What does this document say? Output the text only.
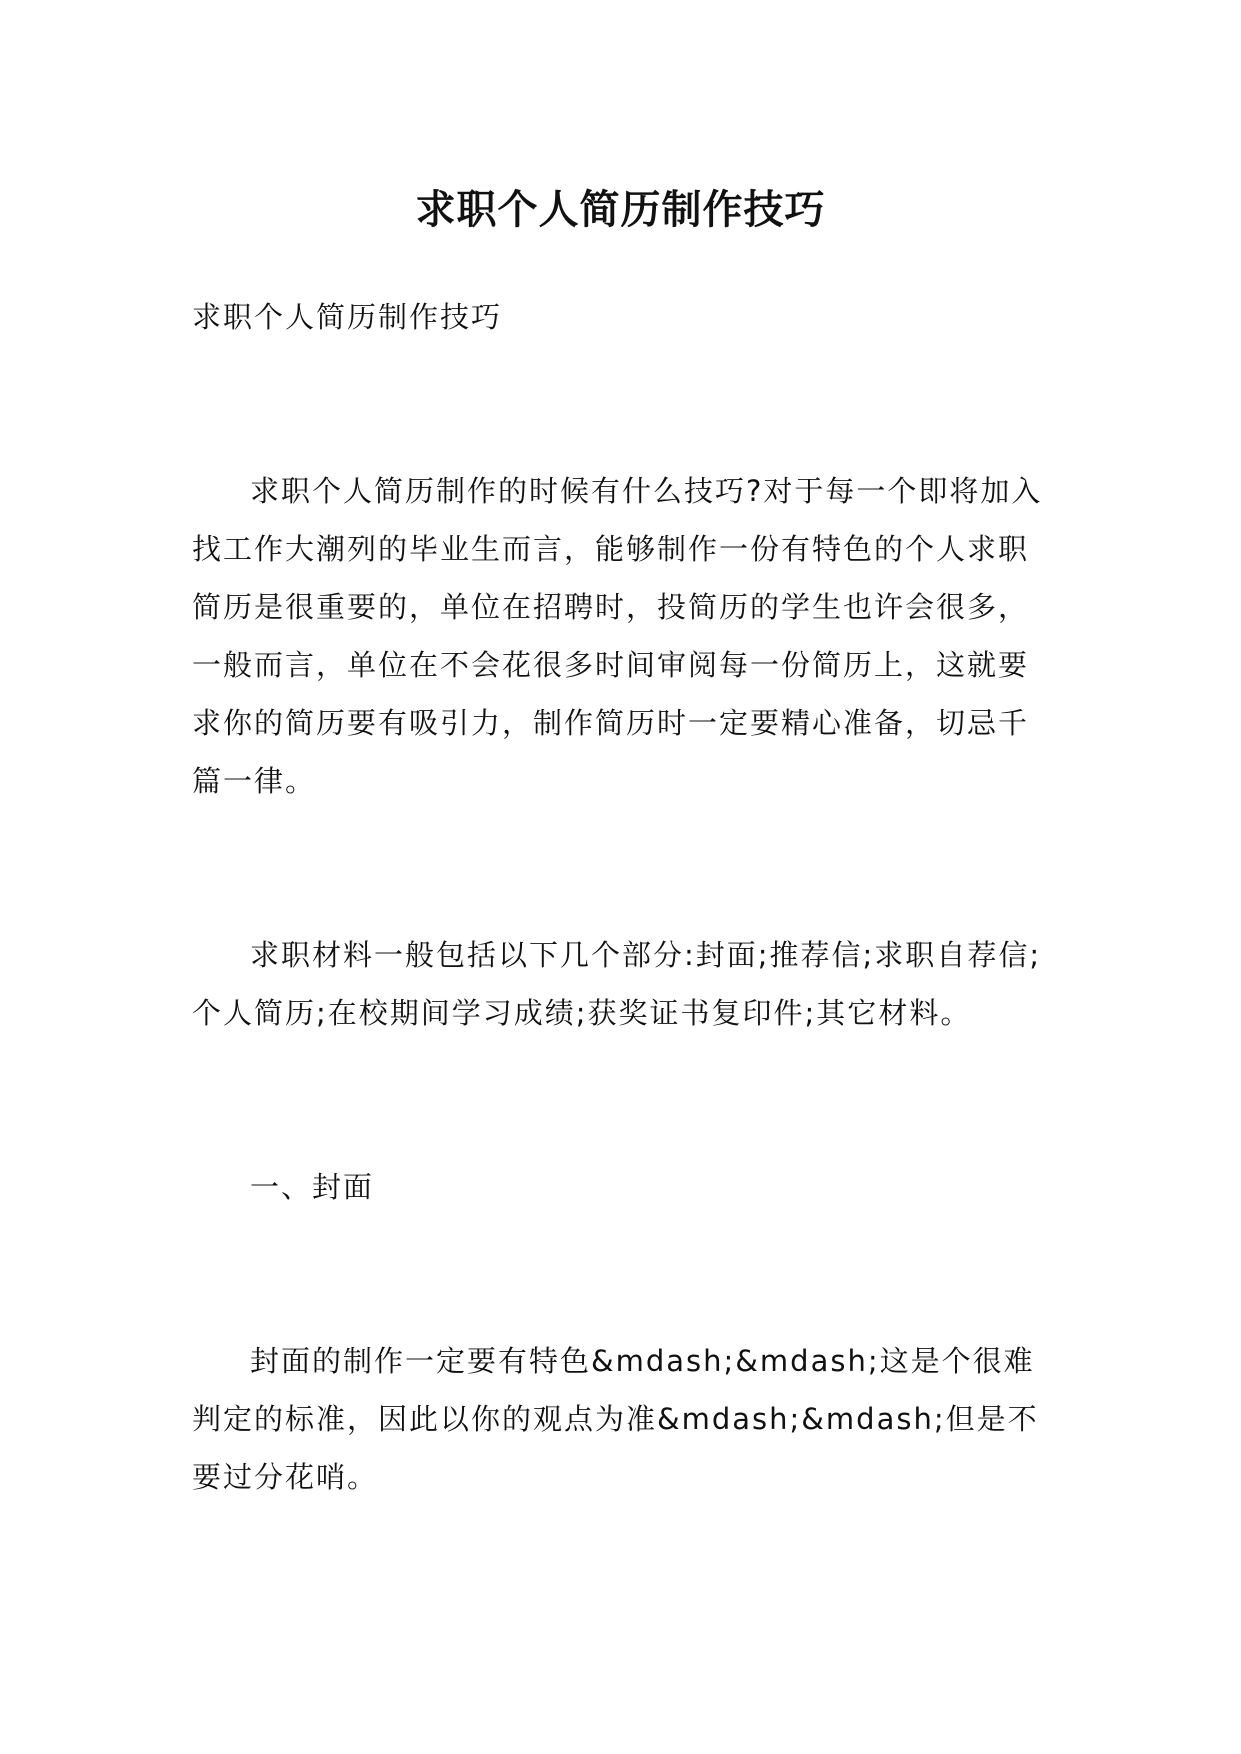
求职个人简历制作技巧

求职个人简历制作技巧

求职个人简历制作的时候有什么技巧?对于每一个即将加入找工作大潮列的毕业生而言，能够制作一份有特色的个人求职简历是很重要的，单位在招聘时，投简历的学生也许会很多，一般而言，单位在不会花很多时间审阅每一份简历上，这就要求你的简历要有吸引力，制作简历时一定要精心准备，切忌千篇一律。

求职材料一般包括以下几个部分:封面;推荐信;求职自荐信;个人简历;在校期间学习成绩;获奖证书复印件;其它材料。

一、封面

封面的制作一定要有特色&mdash;&mdash;这是个很难判定的标准，因此以你的观点为准&mdash;&mdash;但是不要过分花哨。
